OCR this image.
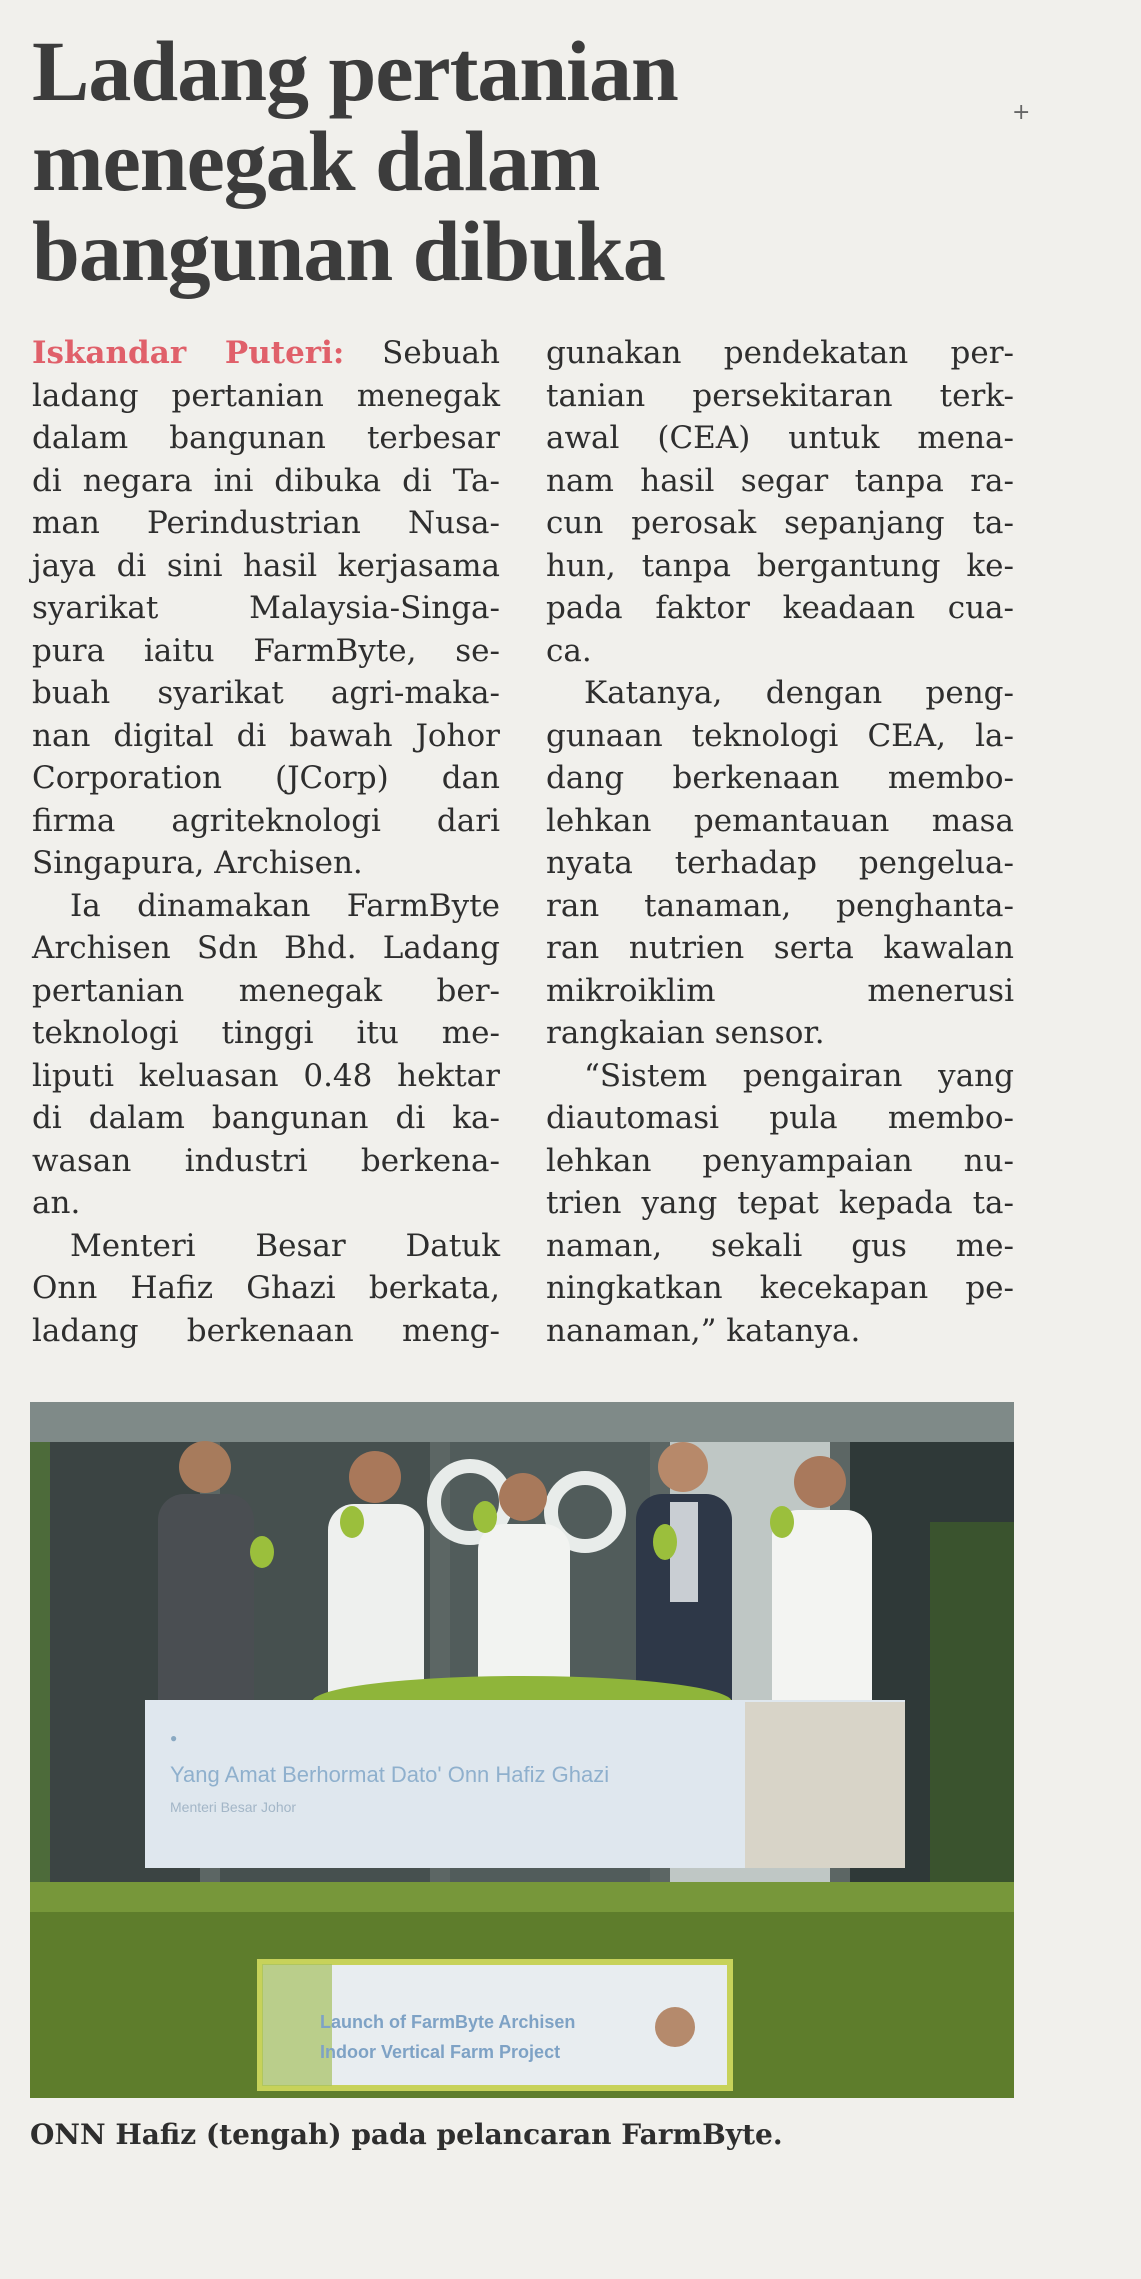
Ladang pertanian
menegak dalam
bangunan dibuka
+
Iskandar Puteri: Sebuah
ladang pertanian menegak
dalam bangunan terbesar
di negara ini dibuka di Ta-
man Perindustrian Nusa-
jaya di sini hasil kerjasama
syarikat Malaysia-Singa-
pura iaitu FarmByte, se-
buah syarikat agri-maka-
nan digital di bawah Johor
Corporation (JCorp) dan
firma agriteknologi dari
Singapura, Archisen.
Ia dinamakan FarmByte
Archisen Sdn Bhd. Ladang
pertanian menegak ber-
teknologi tinggi itu me-
liputi keluasan 0.48 hektar
di dalam bangunan di ka-
wasan industri berkena-
an.
Menteri Besar Datuk
Onn Hafiz Ghazi berkata,
ladang berkenaan meng-
gunakan pendekatan per-
tanian persekitaran terk-
awal (CEA) untuk mena-
nam hasil segar tanpa ra-
cun perosak sepanjang ta-
hun, tanpa bergantung ke-
pada faktor keadaan cua-
ca.
Katanya, dengan peng-
gunaan teknologi CEA, la-
dang berkenaan membo-
lehkan pemantauan masa
nyata terhadap pengelua-
ran tanaman, penghanta-
ran nutrien serta kawalan
mikroiklim menerusi
rangkaian sensor.
“Sistem pengairan yang
diautomasi pula membo-
lehkan penyampaian nu-
trien yang tepat kepada ta-
naman, sekali gus me-
ningkatkan kecekapan pe-
nanaman,” katanya.
●
Yang Amat Berhormat Dato' Onn Hafiz Ghazi
Menteri Besar Johor
Launch of FarmByte Archisen
Indoor Vertical Farm Project
ONN Hafiz (tengah) pada pelancaran FarmByte.
